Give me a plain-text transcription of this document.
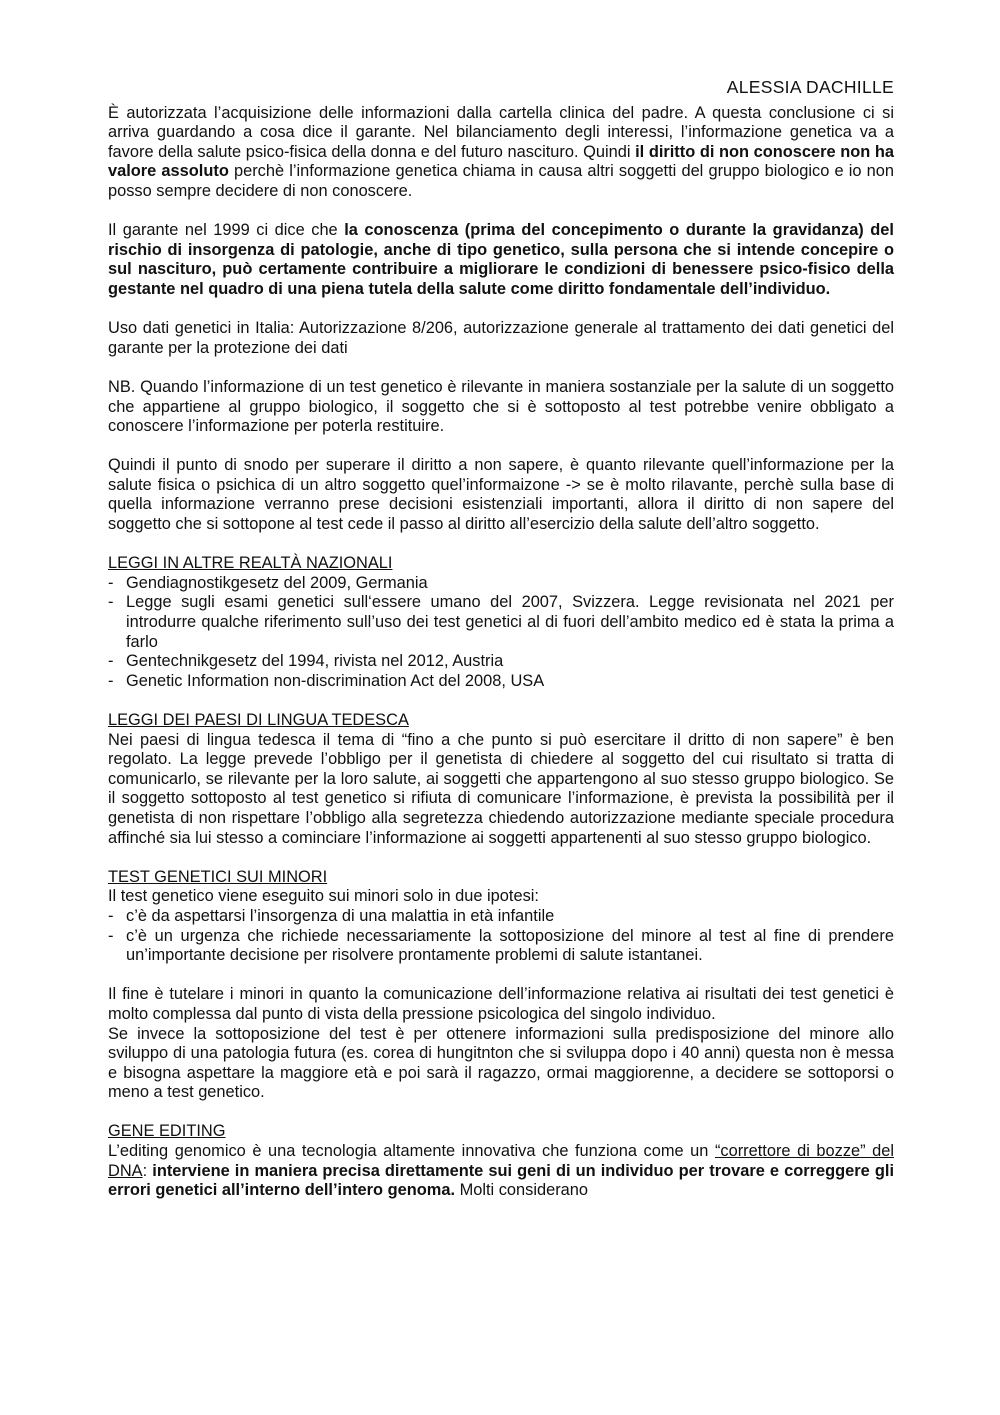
ALESSIA DACHILLE

È autorizzata l’acquisizione delle informazioni dalla cartella clinica del padre. A questa conclusione ci si arriva guardando a cosa dice il garante. Nel bilanciamento degli interessi, l’informazione genetica va a favore della salute psico-fisica della donna e del futuro nascituro. Quindi il diritto di non conoscere non ha valore assoluto perchè l’informazione genetica chiama in causa altri soggetti del gruppo biologico e io non posso sempre decidere di non conoscere.

Il garante nel 1999 ci dice che la conoscenza (prima del concepimento o durante la gravidanza) del rischio di insorgenza di patologie, anche di tipo genetico, sulla persona che si intende concepire o sul nascituro, può certamente contribuire a migliorare le condizioni di benessere psico-fisico della gestante nel quadro di una piena tutela della salute come diritto fondamentale dell’individuo.

Uso dati genetici in Italia: Autorizzazione 8/206, autorizzazione generale al trattamento dei dati genetici del garante per la protezione dei dati

NB. Quando l’informazione di un test genetico è rilevante in maniera sostanziale per la salute di un soggetto che appartiene al gruppo biologico, il soggetto che si è sottoposto al test potrebbe venire obbligato a conoscere l’informazione per poterla restituire.

Quindi il punto di snodo per superare il diritto a non sapere, è quanto rilevante quell’informazione per la salute fisica o psichica di un altro soggetto quel’informaizone -> se è molto rilavante, perchè sulla base di quella informazione verranno prese decisioni esistenziali importanti, allora il diritto di non sapere del soggetto che si sottopone al test cede il passo al diritto all’esercizio della salute dell’altro soggetto.

LEGGI IN ALTRE REALTÀ NAZIONALI
- Gendiagnostikgesetz del 2009, Germania
- Legge sugli esami genetici sull‘essere umano del 2007, Svizzera. Legge revisionata nel 2021 per introdurre qualche riferimento sull’uso dei test genetici al di fuori dell’ambito medico ed è stata la prima a farlo
- Gentechnikgesetz del 1994, rivista nel 2012, Austria
- Genetic Information non-discrimination Act del 2008, USA
LEGGI DEI PAESI DI LINGUA TEDESCA

Nei paesi di lingua tedesca il tema di “fino a che punto si può esercitare il dritto di non sapere” è ben regolato. La legge prevede l’obbligo per il genetista di chiedere al soggetto del cui risultato si tratta di comunicarlo, se rilevante per la loro salute, ai soggetti che appartengono al suo stesso gruppo biologico. Se il soggetto sottoposto al test genetico si rifiuta di comunicare l’informazione, è prevista la possibilità per il genetista di non rispettare l’obbligo alla segretezza chiedendo autorizzazione mediante speciale procedura affinché sia lui stesso a cominciare l’informazione ai soggetti appartenenti al suo stesso gruppo biologico.

TEST GENETICI SUI MINORI
Il test genetico viene eseguito sui minori solo in due ipotesi:
- c’è da aspettarsi l’insorgenza di una malattia in età infantile
- c’è un urgenza che richiede necessariamente la sottoposizione del minore al test al fine di prendere un’importante decisione per risolvere prontamente problemi di salute istantanei.

Il fine è tutelare i minori in quanto la comunicazione dell’informazione relativa ai risultati dei test genetici è molto complessa dal punto di vista della pressione psicologica del singolo individuo.

Se invece la sottoposizione del test è per ottenere informazioni sulla predisposizione del minore allo sviluppo di una patologia futura (es. corea di hungitnton che si sviluppa dopo i 40 anni) questa non è messa e bisogna aspettare la maggiore età e poi sarà il ragazzo, ormai maggiorenne, a decidere se sottoporsi o meno a test genetico.

GENE EDITING

L’editing genomico è una tecnologia altamente innovativa che funziona come un “correttore di bozze” del DNA: interviene in maniera precisa direttamente sui geni di un individuo per trovare e correggere gli errori genetici all’interno dell’intero genoma. Molti considerano
